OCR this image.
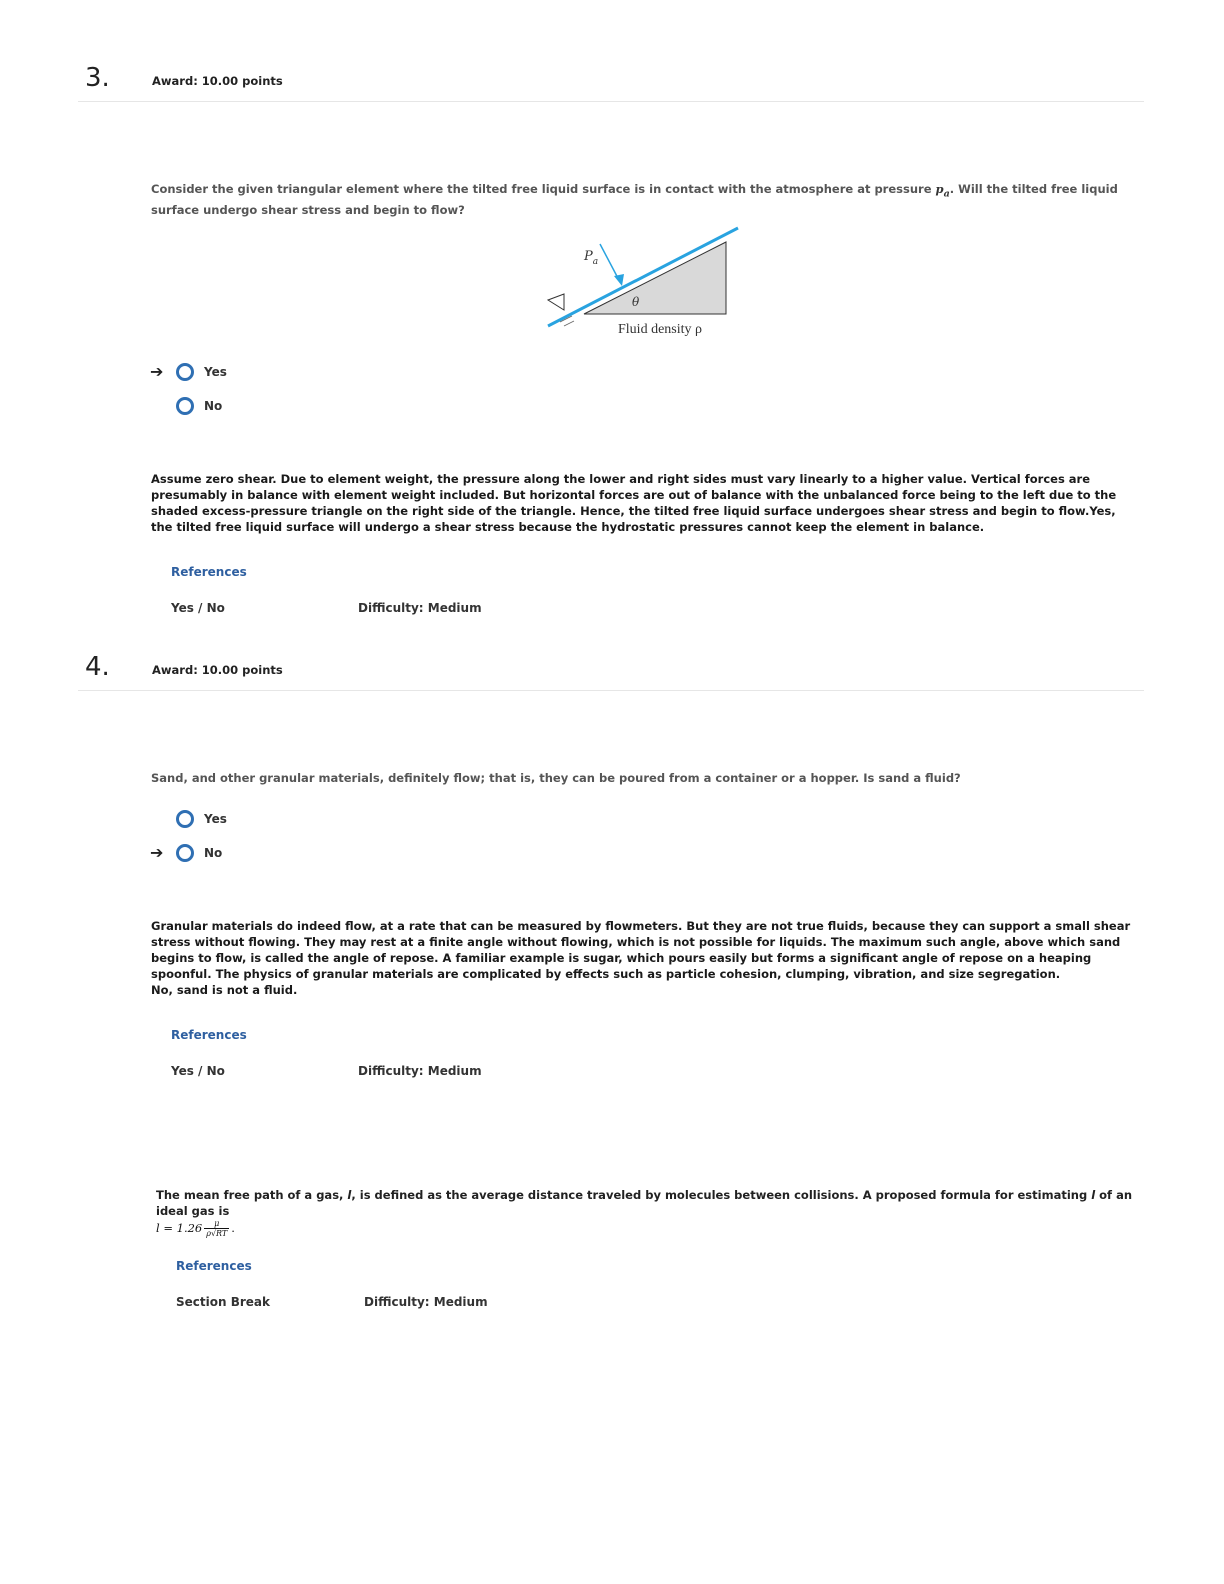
3.	Award: 10.00 points
Consider the given triangular element where the tilted free liquid surface is in contact with the atmosphere at pressure $p_a$. Will the tilted free liquid surface undergo shear stress and begin to flow?
$P_a$
θ
Fluid density ρ
➔	Yes
No
Assume zero shear. Due to element weight, the pressure along the lower and right sides must vary linearly to a higher value. Vertical forces are presumably in balance with element weight included. But horizontal forces are out of balance with the unbalanced force being to the left due to the shaded excess-pressure triangle on the right side of the triangle. Hence, the tilted free liquid surface undergoes shear stress and begin to flow.Yes, the tilted free liquid surface will undergo a shear stress because the hydrostatic pressures cannot keep the element in balance.
References
Yes / No	Difficulty: Medium
4.	Award: 10.00 points
Sand, and other granular materials, definitely flow; that is, they can be poured from a container or a hopper. Is sand a fluid?
Yes
➔	No
Granular materials do indeed flow, at a rate that can be measured by flowmeters. But they are not true fluids, because they can support a small shear stress without flowing. They may rest at a finite angle without flowing, which is not possible for liquids. The maximum such angle, above which sand begins to flow, is called the angle of repose. A familiar example is sugar, which pours easily but forms a significant angle of repose on a heaping spoonful. The physics of granular materials are complicated by effects such as particle cohesion, clumping, vibration, and size segregation.
No, sand is not a fluid.
References
Yes / No	Difficulty: Medium
The mean free path of a gas, l, is defined as the average distance traveled by molecules between collisions. A proposed formula for estimating l of an ideal gas is
$l = 1.26 \frac{\mu}{\rho√RT}$ .
References
Section Break	Difficulty: Medium
